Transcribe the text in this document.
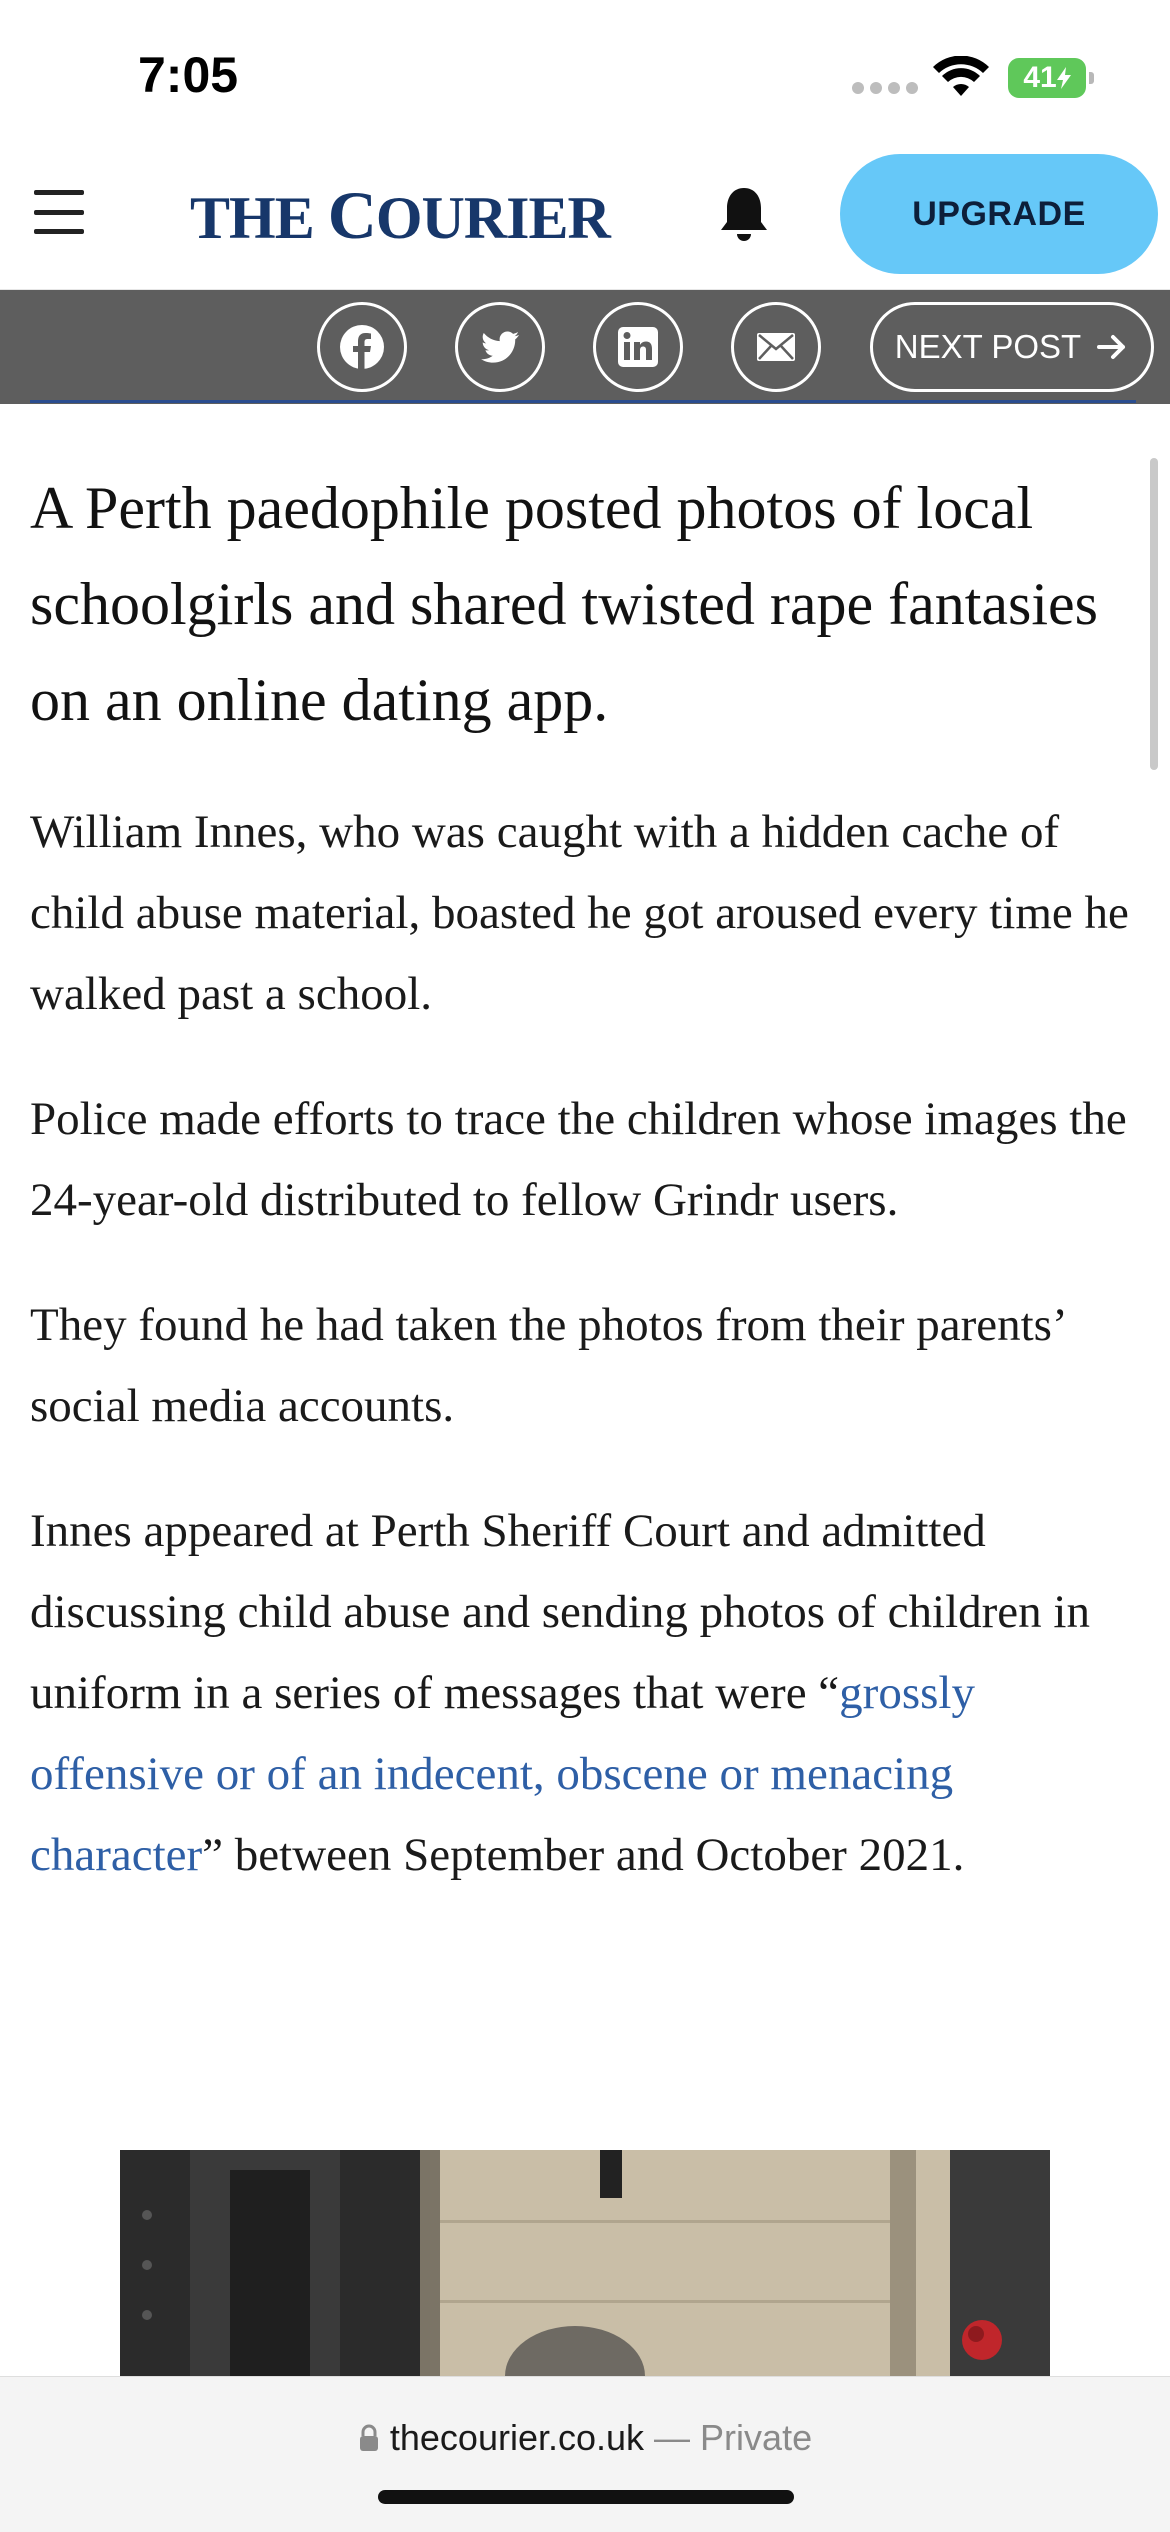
7:05	41
THE COURIER	UPGRADE
NEXT POST

A Perth paedophile posted photos of local schoolgirls and shared twisted rape fantasies on an online dating app.

William Innes, who was caught with a hidden cache of child abuse material, boasted he got aroused every time he walked past a school.

Police made efforts to trace the children whose images the 24-year-old distributed to fellow Grindr users.

They found he had taken the photos from their parents’ social media accounts.

Innes appeared at Perth Sheriff Court and admitted discussing child abuse and sending photos of children in uniform in a series of messages that were “grossly offensive or of an indecent, obscene or menacing character” between September and October 2021.

thecourier.co.uk — Private
